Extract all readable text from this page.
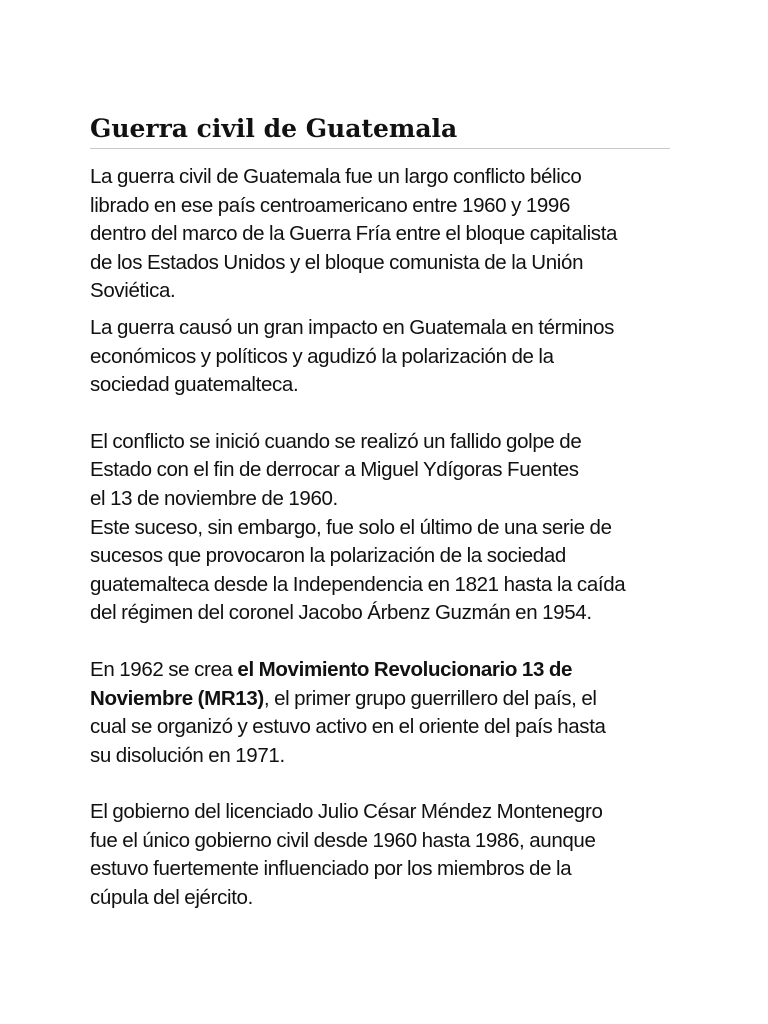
Guerra civil de Guatemala

La guerra civil de Guatemala fue un largo conflicto bélico
librado en ese país centroamericano entre 1960 y 1996
dentro del marco de la Guerra Fría entre el bloque capitalista
de los Estados Unidos y el bloque comunista de la Unión
Soviética.

La guerra causó un gran impacto en Guatemala en términos
económicos y políticos y agudizó la polarización de la
sociedad guatemalteca.

El conflicto se inició cuando se realizó un fallido golpe de
Estado con el fin de derrocar a Miguel Ydígoras Fuentes
el 13 de noviembre de 1960.
Este suceso, sin embargo, fue solo el último de una serie de
sucesos que provocaron la polarización de la sociedad
guatemalteca desde la Independencia en 1821 hasta la caída
del régimen del coronel Jacobo Árbenz Guzmán en 1954.

En 1962 se crea el Movimiento Revolucionario 13 de
Noviembre (MR13), el primer grupo guerrillero del país, el
cual se organizó y estuvo activo en el oriente del país hasta
su disolución en 1971.

El gobierno del licenciado Julio César Méndez Montenegro
fue el único gobierno civil desde 1960 hasta 1986, aunque
estuvo fuertemente influenciado por los miembros de la
cúpula del ejército.
